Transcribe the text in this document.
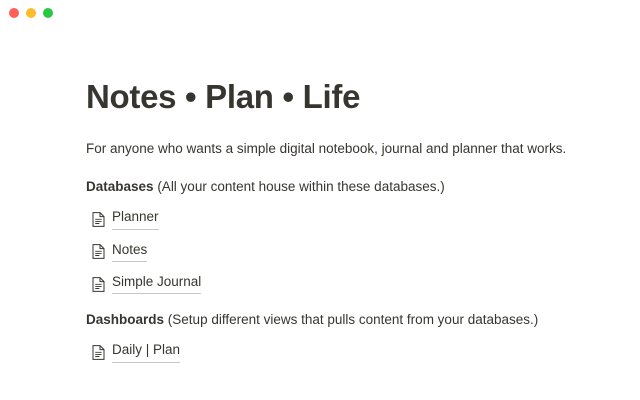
Notes • Plan • Life

For anyone who wants a simple digital notebook, journal and planner that works.

Databases (All your content house within these databases.)

Planner
Notes
Simple Journal

Dashboards (Setup different views that pulls content from your databases.)

Daily | Plan
